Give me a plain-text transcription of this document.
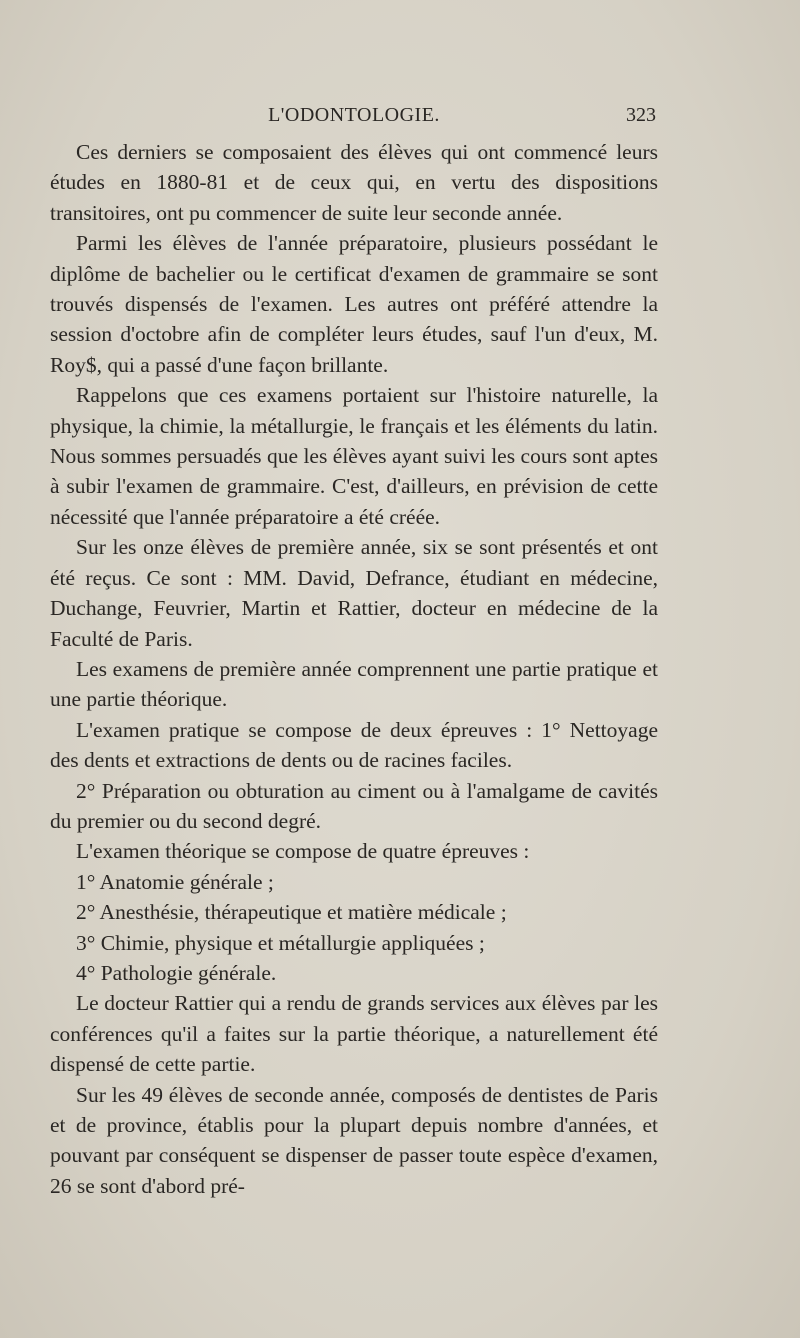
L'ODONTOLOGIE.	323

Ces derniers se composaient des élèves qui ont commencé leurs études en 1880-81 et de ceux qui, en vertu des dispositions transitoires, ont pu commencer de suite leur seconde année.

Parmi les élèves de l'année préparatoire, plusieurs possédant le diplôme de bachelier ou le certificat d'examen de grammaire se sont trouvés dispensés de l'examen. Les autres ont préféré attendre la session d'octobre afin de compléter leurs études, sauf l'un d'eux, M. Roy$, qui a passé d'une façon brillante.

Rappelons que ces examens portaient sur l'histoire naturelle, la physique, la chimie, la métallurgie, le français et les éléments du latin. Nous sommes persuadés que les élèves ayant suivi les cours sont aptes à subir l'examen de grammaire. C'est, d'ailleurs, en prévision de cette nécessité que l'année préparatoire a été créée.

Sur les onze élèves de première année, six se sont présentés et ont été reçus. Ce sont : MM. David, Defrance, étudiant en médecine, Duchange, Feuvrier, Martin et Rattier, docteur en médecine de la Faculté de Paris.

Les examens de première année comprennent une partie pratique et une partie théorique.

L'examen pratique se compose de deux épreuves : 1° Nettoyage des dents et extractions de dents ou de racines faciles.

2° Préparation ou obturation au ciment ou à l'amalgame de cavités du premier ou du second degré.

L'examen théorique se compose de quatre épreuves :

1° Anatomie générale ;

2° Anesthésie, thérapeutique et matière médicale ;

3° Chimie, physique et métallurgie appliquées ;

4° Pathologie générale.

Le docteur Rattier qui a rendu de grands services aux élèves par les conférences qu'il a faites sur la partie théorique, a naturellement été dispensé de cette partie.

Sur les 49 élèves de seconde année, composés de dentistes de Paris et de province, établis pour la plupart depuis nombre d'années, et pouvant par conséquent se dispenser de passer toute espèce d'examen, 26 se sont d'abord pré-
